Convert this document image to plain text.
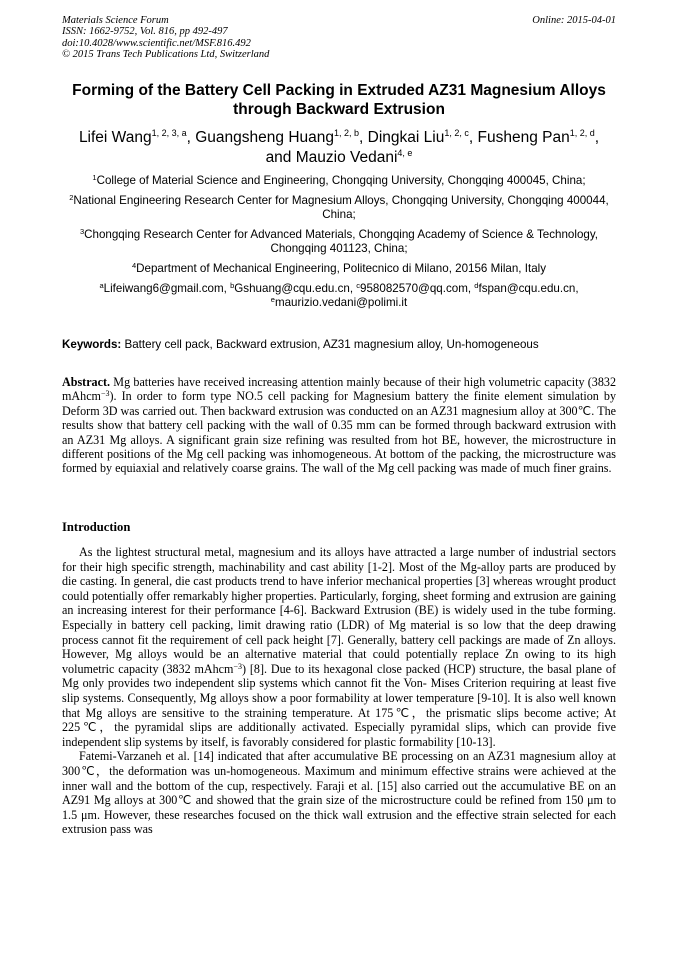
Materials Science Forum
ISSN: 1662-9752, Vol. 816, pp 492-497
doi:10.4028/www.scientific.net/MSF.816.492
© 2015 Trans Tech Publications Ltd, Switzerland
Online: 2015-04-01
Forming of the Battery Cell Packing in Extruded AZ31 Magnesium Alloys
through Backward Extrusion
Lifei Wang$^{1, 2, 3, a}$, Guangsheng Huang$^{1, 2, b}$, Dingkai Liu$^{1, 2, c}$, Fusheng Pan$^{1, 2, d}$,
and Mauzio Vedani$^{4, e}$
$^1$College of Material Science and Engineering, Chongqing University, Chongqing 400045, China;
$^2$National Engineering Research Center for Magnesium Alloys, Chongqing University, Chongqing 400044, China;
$^3$Chongqing Research Center for Advanced Materials, Chongqing Academy of Science & Technology, Chongqing 401123, China;
$^4$Department of Mechanical Engineering, Politecnico di Milano, 20156 Milan, Italy
$^a$Lifeiwang6@gmail.com, $^b$Gshuang@cqu.edu.cn, $^c$958082570@qq.com, $^d$fspan@cqu.edu.cn,
$^e$maurizio.vedani@polimi.it
Keywords: Battery cell pack, Backward extrusion, AZ31 magnesium alloy, Un-homogeneous
Abstract. Mg batteries have received increasing attention mainly because of their high volumetric capacity (3832 mAhcm$^{-3}$). In order to form type NO.5 cell packing for Magnesium battery the finite element simulation by Deform 3D was carried out. Then backward extrusion was conducted on an AZ31 magnesium alloy at 300℃. The results show that battery cell packing with the wall of 0.35 mm can be formed through backward extrusion with an AZ31 Mg alloys. A significant grain size refining was resulted from hot BE, however, the microstructure in different positions of the Mg cell packing was inhomogeneous. At bottom of the packing, the microstructure was formed by equiaxial and relatively coarse grains. The wall of the Mg cell packing was made of much finer grains.
Introduction

As the lightest structural metal, magnesium and its alloys have attracted a large number of industrial sectors for their high specific strength, machinability and cast ability [1-2]. Most of the Mg-alloy parts are produced by die casting. In general, die cast products trend to have inferior mechanical properties [3] whereas wrought product could potentially offer remarkably higher properties. Particularly, forging, sheet forming and extrusion are gaining an increasing interest for their performance [4-6]. Backward Extrusion (BE) is widely used in the tube forming. Especially in battery cell packing, limit drawing ratio (LDR) of Mg material is so low that the deep drawing process cannot fit the requirement of cell pack height [7]. Generally, battery cell packings are made of Zn alloys. However, Mg alloys would be an alternative material that could potentially replace Zn owing to its high volumetric capacity (3832 mAhcm$^{-3}$) [8]. Due to its hexagonal close packed (HCP) structure, the basal plane of Mg only provides two independent slip systems which cannot fit the Von- Mises Criterion requiring at least five slip systems. Consequently, Mg alloys show a poor formability at lower temperature [9-10]. It is also well known that Mg alloys are sensitive to the straining temperature. At 175℃，the prismatic slips become active; At 225℃，the pyramidal slips are additionally activated. Especially pyramidal slips, which can provide five independent slip systems by itself, is favorably considered for plastic formability [10-13].

Fatemi-Varzaneh et al. [14] indicated that after accumulative BE processing on an AZ31 magnesium alloy at 300℃，the deformation was un-homogeneous. Maximum and minimum effective strains were achieved at the inner wall and the bottom of the cup, respectively. Faraji et al. [15] also carried out the accumulative BE on an AZ91 Mg alloys at 300℃ and showed that the grain size of the microstructure could be refined from 150 μm to 1.5 μm. However, these researches focused on the thick wall extrusion and the effective strain selected for each extrusion pass was
